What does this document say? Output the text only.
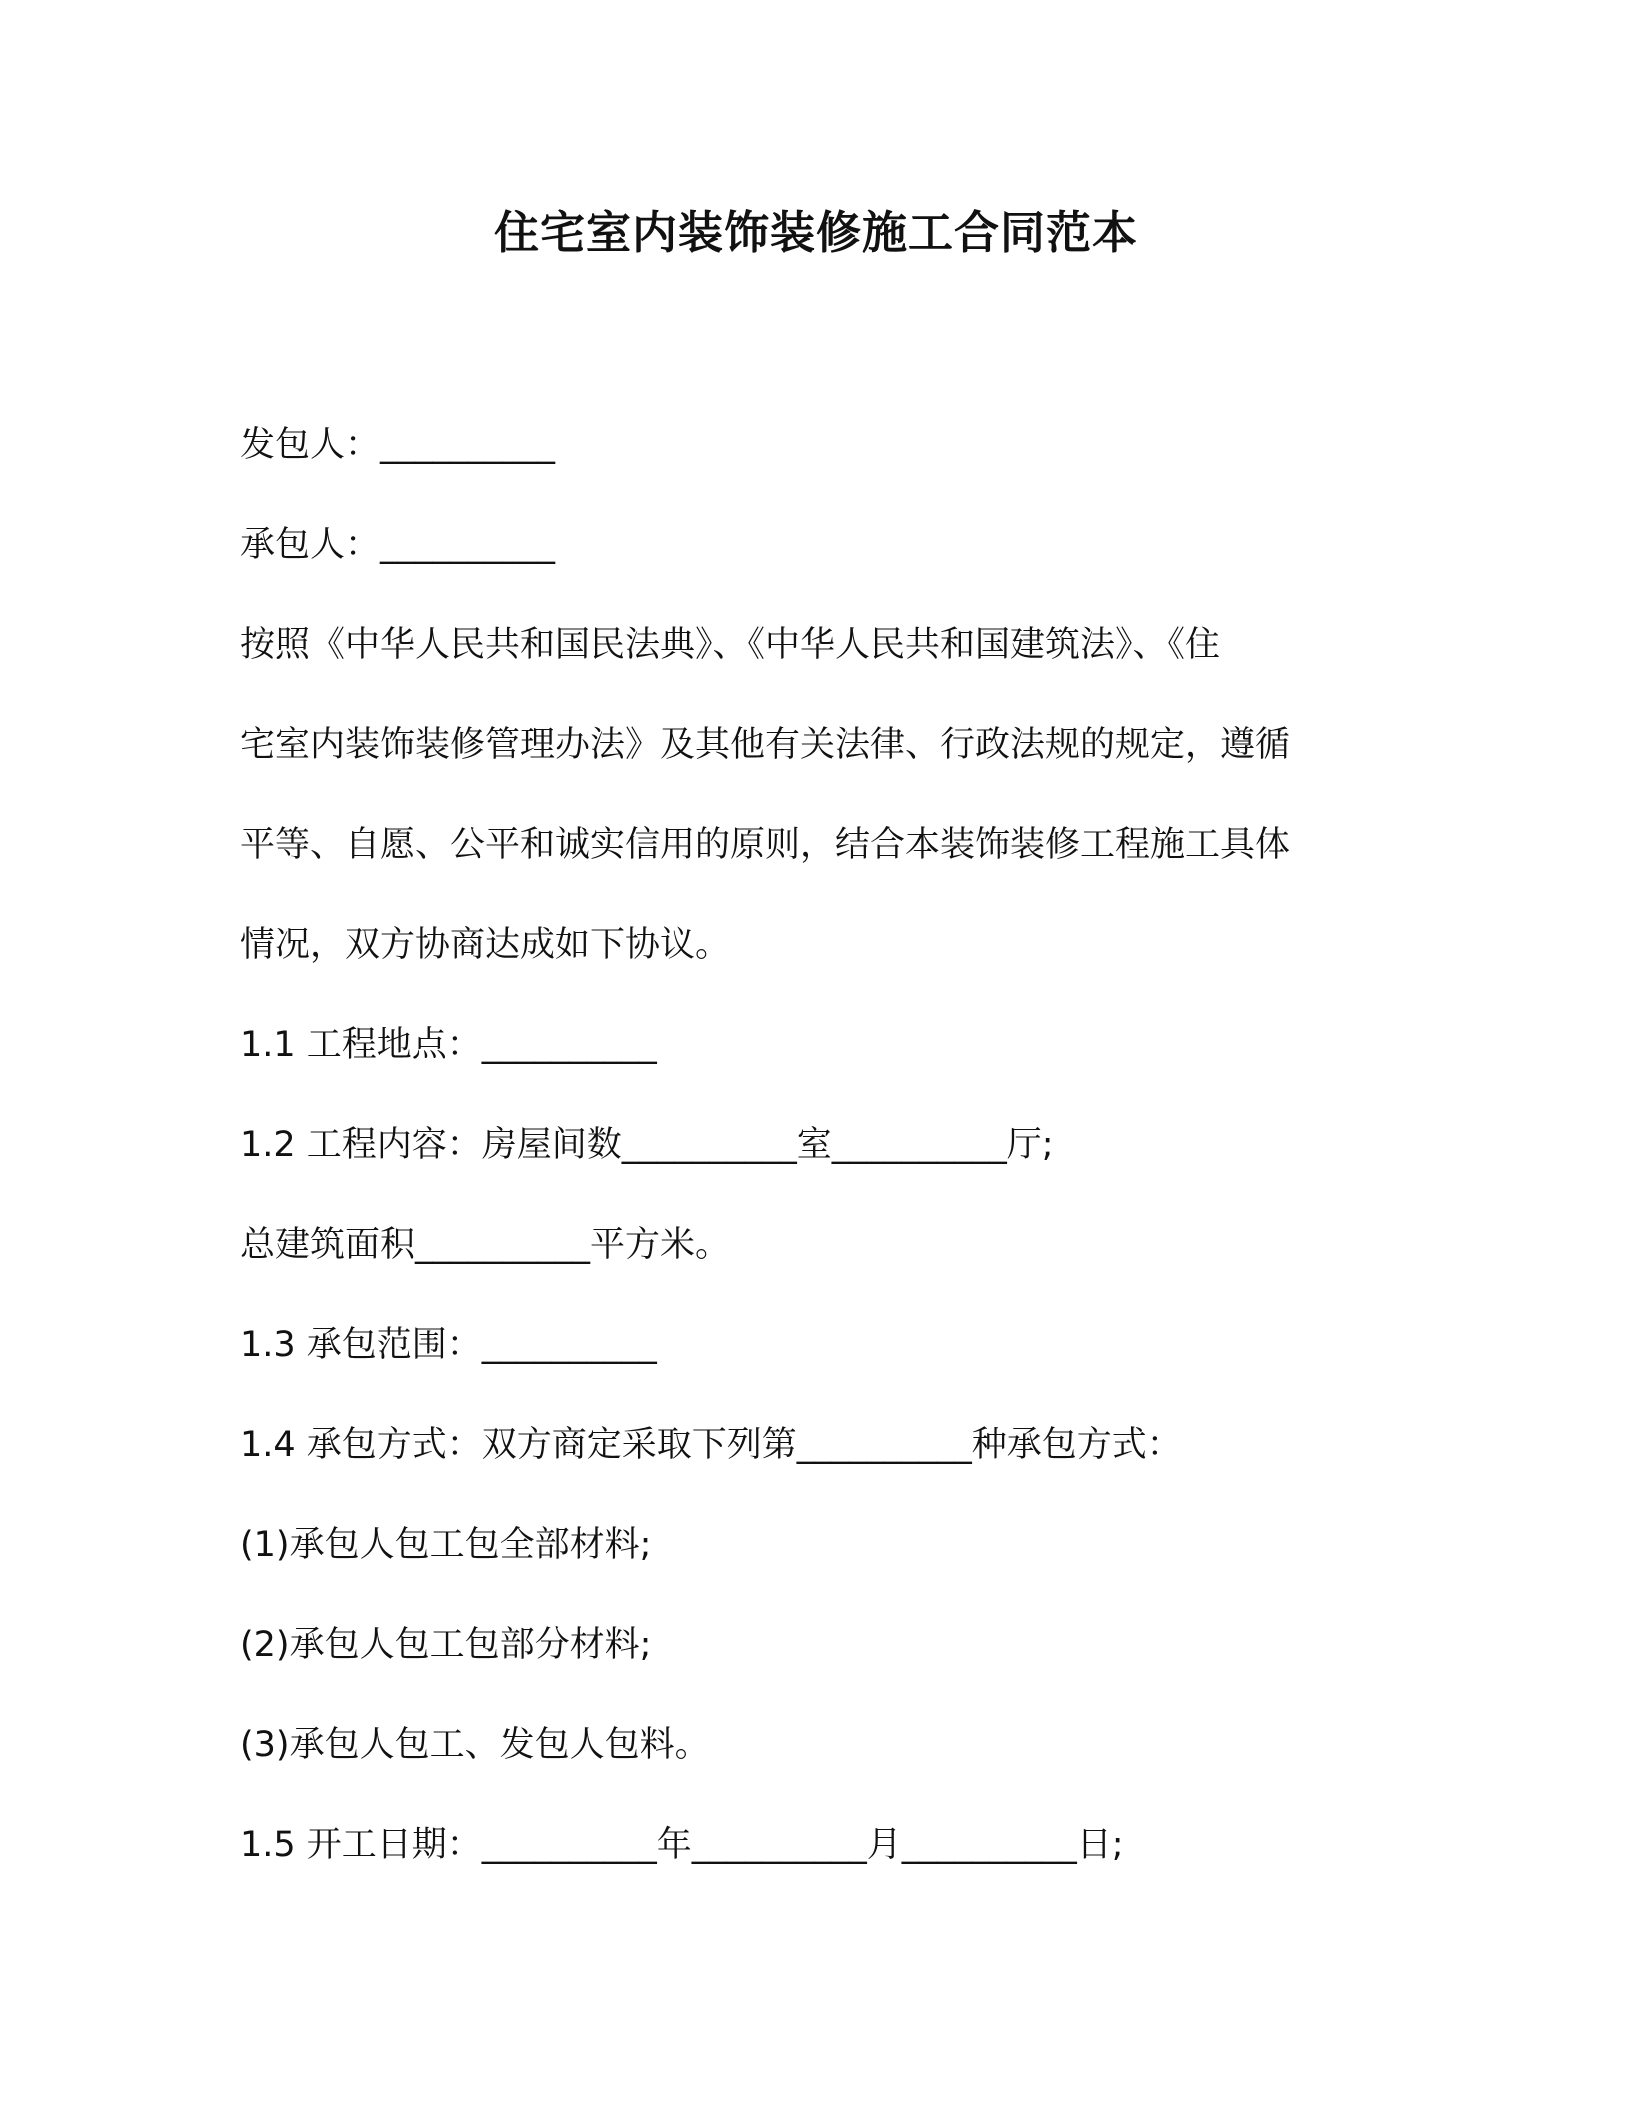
住宅室内装饰装修施工合同范本
发包人：__________
承包人：__________
按照《中华人民共和国民法典》、《中华人民共和国建筑法》、《住
宅室内装饰装修管理办法》及其他有关法律、行政法规的规定，遵循
平等、自愿、公平和诚实信用的原则，结合本装饰装修工程施工具体
情况，双方协商达成如下协议。
1.1 工程地点：__________
1.2 工程内容：房屋间数__________室__________厅;
总建筑面积__________平方米。
1.3 承包范围：__________
1.4 承包方式：双方商定采取下列第__________种承包方式：
(1)承包人包工包全部材料;
(2)承包人包工包部分材料;
(3)承包人包工、发包人包料。
1.5 开工日期：__________年__________月__________日;
